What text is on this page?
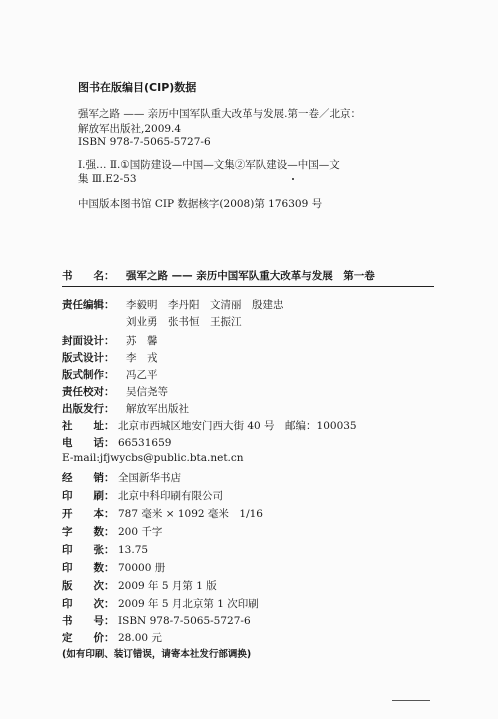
图书在版编目(CIP)数据
强军之路 —— 亲历中国军队重大改革与发展.第一卷／北京：
解放军出版社,2009.4
ISBN 978-7-5065-5727-6
Ⅰ.强… Ⅱ.①国防建设—中国—文集②军队建设—中国—文
集 Ⅲ.E2-53
中国版本图书馆 CIP 数据核字(2008)第 176309 号
书　　名： 强军之路 —— 亲历中国军队重大改革与发展　第一卷
责任编辑： 李毅明　李丹阳　文清丽　殷建忠
刘业勇　张书恒　王振江
封面设计： 苏　馨
版式设计： 李　戎
版式制作： 冯乙平
责任校对： 吴信尧等
出版发行： 解放军出版社
社　　址： 北京市西城区地安门西大街 40 号　邮编：100035
电　　话： 66531659
E-mail:jfjwycbs@public.bta.net.cn
经　　销： 全国新华书店
印　　刷： 北京中科印刷有限公司
开　　本： 787 毫米 × 1092 毫米　1/16
字　　数： 200 千字
印　　张： 13.75
印　　数： 70000 册
版　　次： 2009 年 5 月第 1 版
印　　次： 2009 年 5 月北京第 1 次印刷
书　　号： ISBN 978-7-5065-5727-6
定　　价： 28.00 元
(如有印刷、装订错误，请寄本社发行部调换)
